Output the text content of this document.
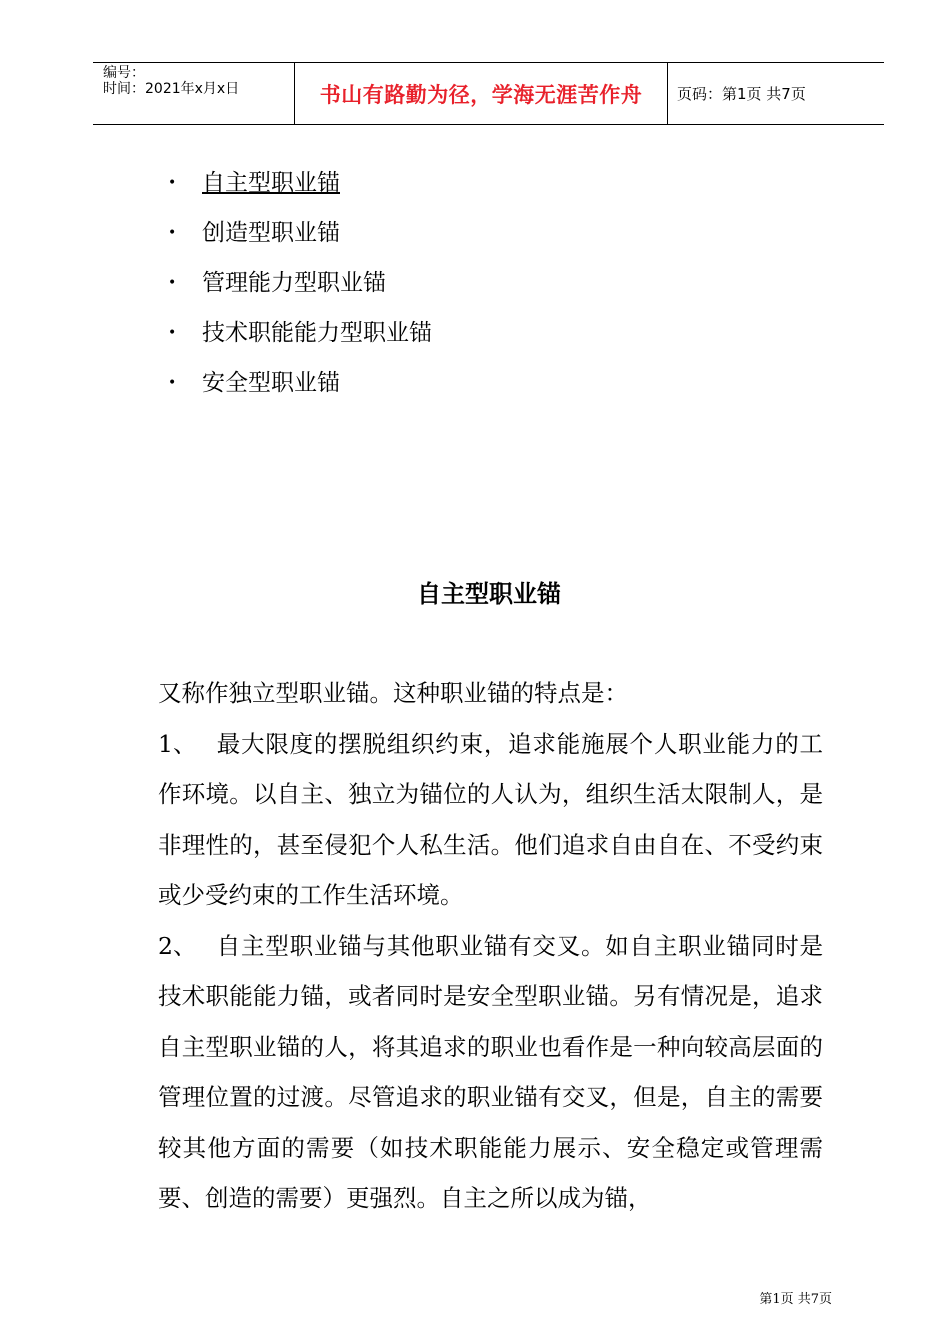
编号：
时间：2021年x月x日	书山有路勤为径，学海无涯苦作舟 页码：第1页 共7页
•	自主型职业锚
•	创造型职业锚
•	管理能力型职业锚
•	技术职能能力型职业锚
•	安全型职业锚
自主型职业锚

又称作独立型职业锚。这种职业锚的特点是：

1、 最大限度的摆脱组织约束，追求能施展个人职业能力的工作环境。以自主、独立为锚位的人认为，组织生活太限制人，是非理性的，甚至侵犯个人私生活。他们追求自由自在、不受约束或少受约束的工作生活环境。

2、 自主型职业锚与其他职业锚有交叉。如自主职业锚同时是技术职能能力锚，或者同时是安全型职业锚。另有情况是，追求自主型职业锚的人，将其追求的职业也看作是一种向较高层面的管理位置的过渡。尽管追求的职业锚有交叉，但是，自主的需要较其他方面的需要（如技术职能能力展示、安全稳定或管理需要、创造的需要）更强烈。自主之所以成为锚，

第1页 共7页
